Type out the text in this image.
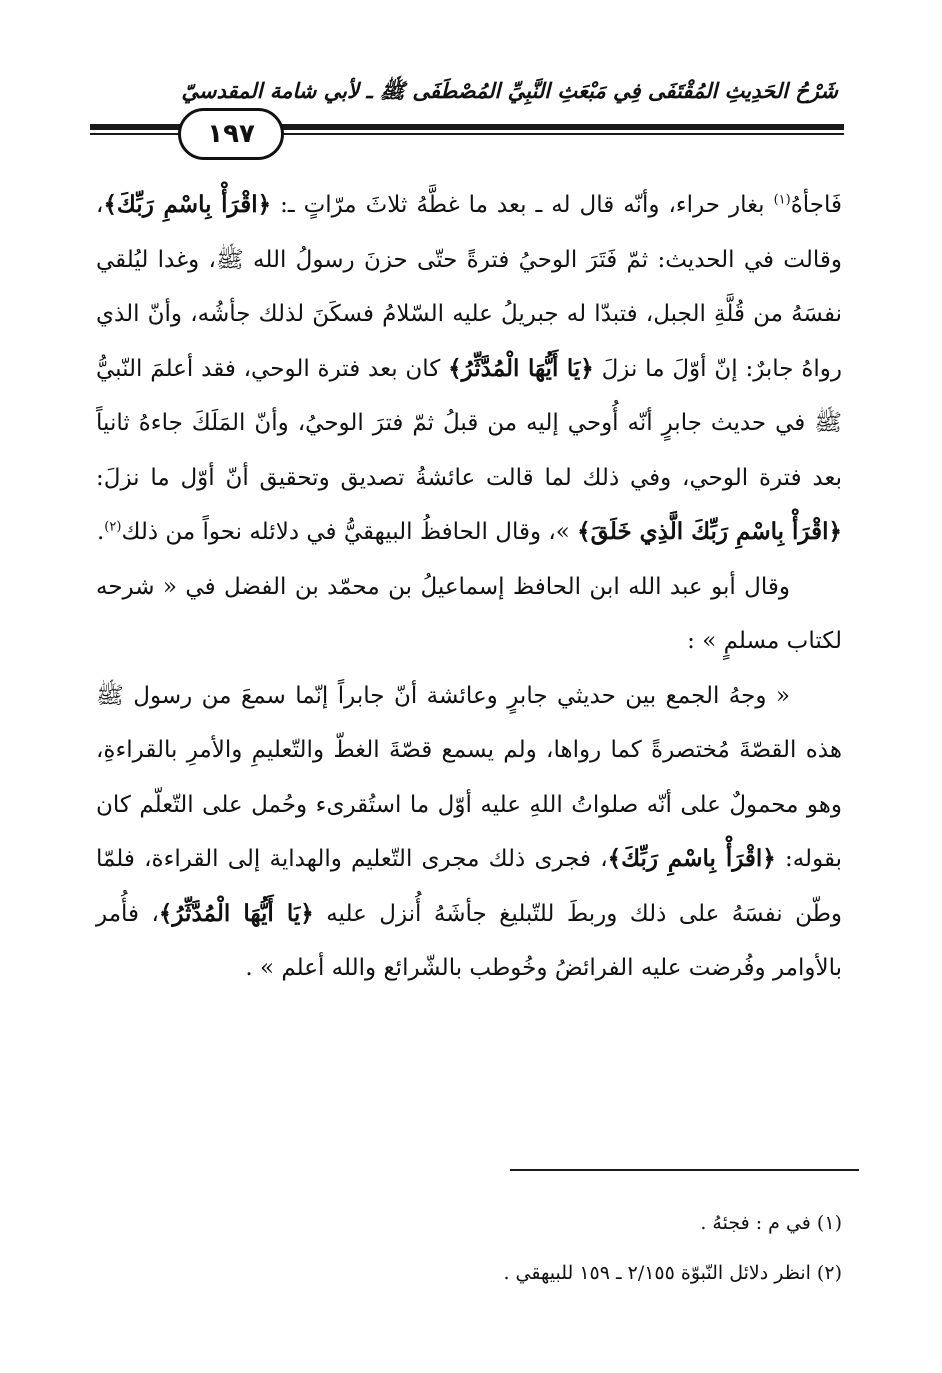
شَرْحُ الحَدِيثِ المُقْتَفَى فِي مَبْعَثِ النَّبِيِّ المُصْطَفَى ﷺ ـ لأبي شامة المقدسيّ
١٩٧

فَاجأهُ$^{(١)}$ بغار حراء، وأنّه قال له ـ بعد ما غطَّهُ ثلاثَ مرّاتٍ ـ: ﴿اقْرَأْ بِاسْمِ رَبِّكَ﴾، وقالت في الحديث: ثمّ فَتَرَ الوحيُ فترةً حتّى حزنَ رسولُ الله ﷺ، وغدا ليُلقي نفسَهُ من قُلَّةِ الجبل، فتبدّا له جبريلُ عليه السّلامُ فسكَنَ لذلك جأشُه، وأنّ الذي رواهُ جابرٌ: إنّ أوّلَ ما نزلَ ﴿يَا أَيُّهَا الْمُدَّثِّرُ﴾ كان بعد فترة الوحي، فقد أعلمَ النّبيُّ ﷺ في حديث جابرٍ أنّه أُوحي إليه من قبلُ ثمّ فترَ الوحيُ، وأنّ المَلَكَ جاءهُ ثانياً بعد فترة الوحي، وفي ذلك لما قالت عائشةُ تصديق وتحقيق أنّ أوّل ما نزلَ: ﴿اقْرَأْ بِاسْمِ رَبِّكَ الَّذِي خَلَقَ﴾ »، وقال الحافظُ البيهقيُّ في دلائله نحواً من ذلك$^{(٢)}$.

وقال أبو عبد الله ابن الحافظ إسماعيلُ بن محمّد بن الفضل في « شرحه لكتاب مسلمٍ » :

« وجهُ الجمع بين حديثي جابرٍ وعائشة أنّ جابراً إنّما سمعَ من رسول ﷺ هذه القصّةَ مُختصرةً كما رواها، ولم يسمع قصّةَ الغطّ والتّعليمِ والأمرِ بالقراءةِ، وهو محمولٌ على أنّه صلواتُ اللهِ عليه أوّل ما استُقرىء وحُمل على التّعلّم كان بقوله: ﴿اقْرَأْ بِاسْمِ رَبِّكَ﴾، فجرى ذلك مجرى التّعليم والهداية إلى القراءة، فلمّا وطّن نفسَهُ على ذلك وربطَ للتّبليغ جأشَهُ أُنزل عليه ﴿يَا أَيُّهَا الْمُدَّثِّرُ﴾، فأُمر بالأوامر وفُرضت عليه الفرائضُ وخُوطب بالشّرائع والله أعلم » .

(١) في م : فجئهُ .
(٢) انظر دلائل النّبوّة ٢/١٥٥ ـ ١٥٩ للبيهقي .
